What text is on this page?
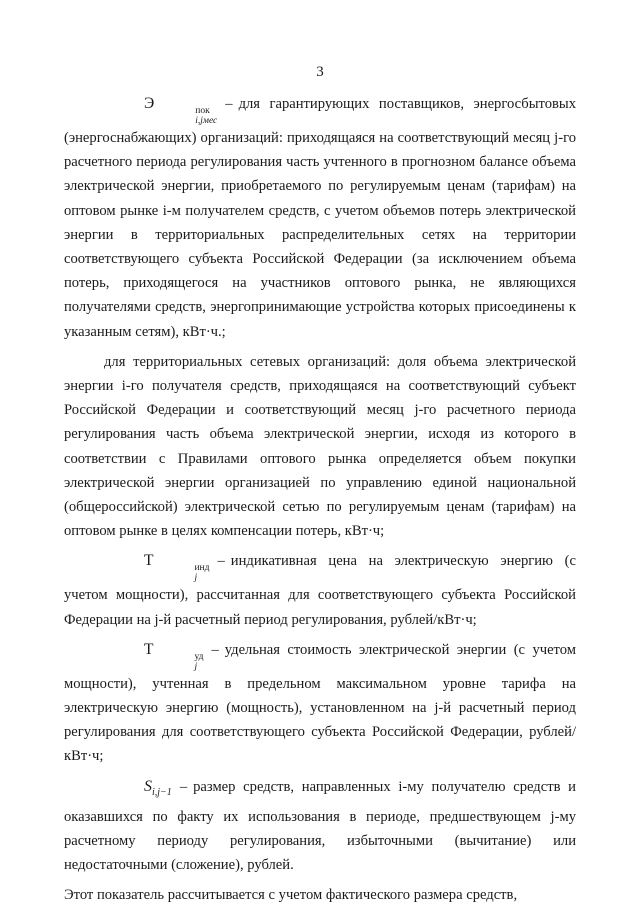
3

Э	пок
i,jмес
– для гарантирующих поставщиков, энергосбытовых (энергоснабжающих) организаций: приходящаяся на соответствующий месяц j-го расчетного периода регулирования часть учтенного в прогнозном балансе объема электрической энергии, приобретаемого по регулируемым ценам (тарифам) на оптовом рынке i-м получателем средств, с учетом объемов потерь электрической энергии в территориальных распределительных сетях на территории соответствующего субъекта Российской Федерации (за исключением объема потерь, приходящегося на участников оптового рынка, не являющихся получателями средств, энергопринимающие устройства которых присоединены к указанным сетям), кВт·ч.;

для территориальных сетевых организаций: доля объема электрической энергии i-го получателя средств, приходящаяся на соответствующий субъект Российской Федерации и соответствующий месяц j-го расчетного периода регулирования часть объема электрической энергии, исходя из которого в соответствии с Правилами оптового рынка определяется объем покупки электрической энергии организацией по управлению единой национальной (общероссийской) электрической сетью по регулируемым ценам (тарифам) на оптовом рынке в целях компенсации потерь, кВт·ч;

T	инд
j
– индикативная цена на электрическую энергию (с учетом мощности), рассчитанная для соответствующего субъекта Российской Федерации на j-й расчетный период регулирования, рублей/кВт·ч;

T	уд
j
– удельная стоимость электрической энергии (с учетом мощности), учтенная в предельном максимальном уровне тарифа на электрическую энергию (мощность), установленном на j-й расчетный период регулирования для соответствующего субъекта Российской Федерации, рублей/кВт·ч;

$S_{i,j-1}$ – размер средств, направленных i-му получателю средств и оказавшихся по факту их использования в периоде, предшествующем j-му расчетному периоду регулирования, избыточными (вычитание) или недостаточными (сложение), рублей.

Этот показатель рассчитывается с учетом фактического размера средств,
